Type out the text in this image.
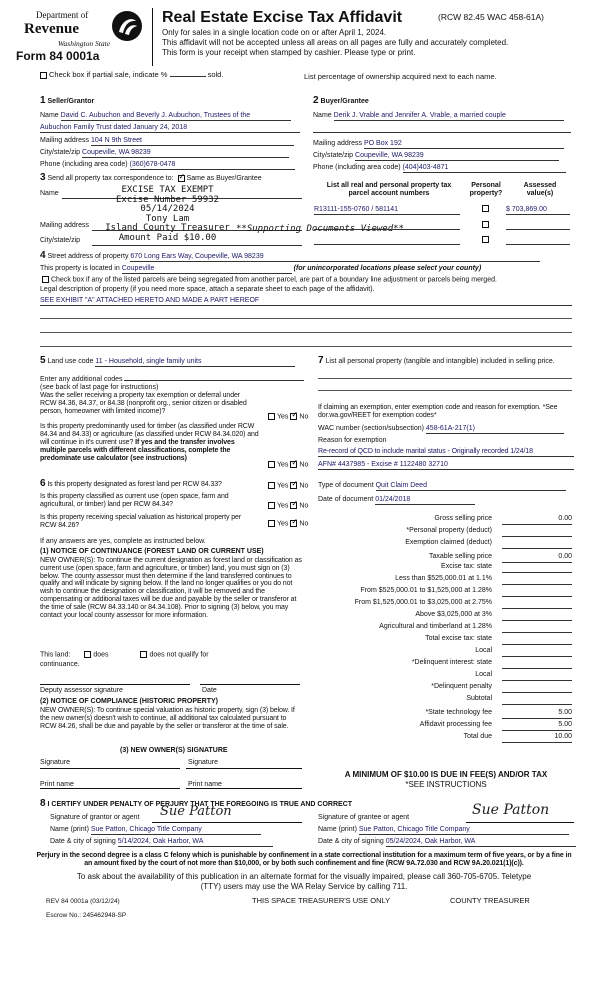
Department of
Revenue
Washington State
Form 84 0001a
Real Estate Excise Tax Affidavit	(RCW 82.45 WAC 458-61A)
Only for sales in a single location code on or after April 1, 2024.
This affidavit will not be accepted unless all areas on all pages are fully and accurately completed.
This form is your receipt when stamped by cashier. Please type or print.
Check box if partial sale, indicate %	sold.	List percentage of ownership acquired next to each name.
1 Seller/Grantor
Name David C. Aubuchon and Beverly J. Aubuchon, Trustees of the
Aubuchon Family Trust dated January 24, 2018
Mailing address 104 N 9th Street
City/state/zip Coupeville, WA 98239
Phone (including area code) (360)678-0478
2 Buyer/Grantee
Name Derik J. Vrable and Jennifer A. Vrable, a married couple
Mailing address PO Box 192
City/state/zip Coupeville, WA 98239
Phone (including area code) (404)403-4871
3 Send all property tax correspondence to: ✓ Same as Buyer/Grantee
Name
Mailing address
City/state/zip
EXCISE TAX EXEMPT
Excise Number 59932
05/14/2024
Tony Lam
Island County Treasurer
Amount Paid $10.00
**Supporting Documents Viewed**
List all real and personal property tax parcel account numbers
Personal property?
Assessed value(s)
R13111-155-0760 / 581141	$ 703,869.00
4 Street address of property 670 Long Ears Way, Coupeville, WA 98239
This property is located in Coupeville	(for unincorporated locations please select your county)
Check box if any of the listed parcels are being segregated from another parcel, are part of a boundary line adjustment or parcels being merged.
Legal description of property (if you need more space, attach a separate sheet to each page of the affidavit).
SEE EXHIBIT "A" ATTACHED HERETO AND MADE A PART HEREOF
5 Land use code 11 - Household, single family units
Enter any additional codes
(see back of last page for instructions)
Was the seller receiving a property tax exemption or deferral under RCW 84.36, 84.37, or 84.38 (nonprofit org., senior citizen or disabled person, homeowner with limited income)?
Yes ✓ No
Is this property predominantly used for timber (as classified under RCW 84.34 and 84.33) or agriculture (as classified under RCW 84.34.020) and will continue in it's current use? If yes and the transfer involves multiple parcels with different classifications, complete the predominate use calculator (see instructions)
Yes ✓ No
6 Is this property designated as forest land per RCW 84.33?	Yes ✓ No
Is this property classified as current use (open space, farm and agricultural, or timber) land per RCW 84.34?	Yes ✓ No
Is this property receiving special valuation as historical property per RCW 84.26?	Yes ✓ No
If any answers are yes, complete as instructed below.
(1) NOTICE OF CONTINUANCE (FOREST LAND OR CURRENT USE)
NEW OWNER(S): To continue the current designation as forest land or classification as current use (open space, farm and agriculture, or timber) land, you must sign on (3) below. The county assessor must then determine if the land transferred continues to qualify and will indicate by signing below. If the land no longer qualifies or you do not wish to continue the designation or classification, it will be removed and the compensating or additional taxes will be due and payable by the seller or transferor at the time of sale (RCW 84.33.140 or 84.34.108). Prior to signing (3) below, you may contact your local county assessor for more information.
This land:	does	does not qualify for
continuance.
Deputy assessor signature	Date
(2) NOTICE OF COMPLIANCE (HISTORIC PROPERTY)
NEW OWNER(S): To continue special valuation as historic property, sign (3) below. If the new owner(s) doesn't wish to continue, all additional tax calculated pursuant to RCW 84.26, shall be due and payable by the seller or transferor at the time of sale.
(3) NEW OWNER(S) SIGNATURE
Signature	Signature
Print name	Print name
7 List all personal property (tangible and intangible) included in selling price.
If claiming an exemption, enter exemption code and reason for exemption. *See dor.wa.gov/REET for exemption codes*
WAC number (section/subsection) 458-61A-217(1)
Reason for exemption
Re-record of QCD to include marital status - Originally recorded 1/24/18
AFN# 4437985 - Excise # 1122480 32710
Type of document Quit Claim Deed
Date of document 01/24/2018
Gross selling price	0.00
*Personal property (deduct)
Exemption claimed (deduct)
Taxable selling price	0.00
Excise tax: state
Less than $525,000.01 at 1.1%
From $525,000.01 to $1,525,000 at 1.28%
From $1,525,000.01 to $3,025,000 at 2.75%
Above $3,025,000 at 3%
Agricultural and timberland at 1.28%
Total excise tax: state
Local
*Delinquent interest: state
Local
*Delinquent penalty
Subtotal
*State technology fee	5.00
Affidavit processing fee	5.00
Total due	10.00
A MINIMUM OF $10.00 IS DUE IN FEE(S) AND/OR TAX
*SEE INSTRUCTIONS
8 I CERTIFY UNDER PENALTY OF PERJURY THAT THE FOREGOING IS TRUE AND CORRECT
Signature of grantor or agent Sue Patton
Name (print) Sue Patton, Chicago Title Company
Date & city of signing 5/14/2024, Oak Harbor, WA
Signature of grantee or agent	Sue Patton
Name (print) Sue Patton, Chicago Title Company
Date & city of signing 05/24/2024, Oak Harbor, WA
Perjury in the second degree is a class C felony which is punishable by confinement in a state correctional institution for a maximum term of five years, or by a fine in an amount fixed by the court of not more than $10,000, or by both such confinement and fine (RCW 9A.72.030 and RCW 9A.20.021(1)(c)).
To ask about the availability of this publication in an alternate format for the visually impaired, please call 360-705-6705. Teletype
(TTY) users may use the WA Relay Service by calling 711.
REV 84 0001a (03/12/24)	THIS SPACE TREASURER'S USE ONLY	COUNTY TREASURER
Escrow No.: 245462948-SP
